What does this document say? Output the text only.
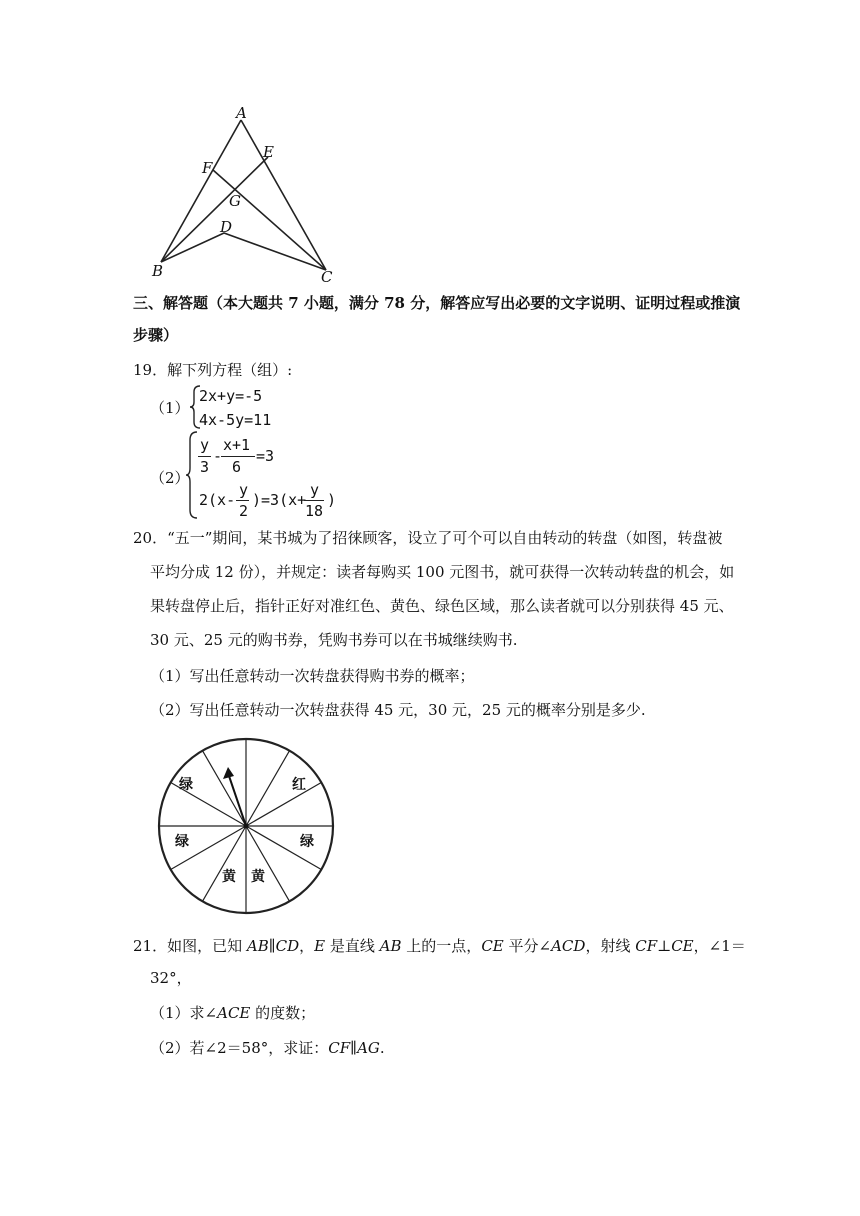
A
E
F
G
D
B	C
三、解答题（本大题共 7 小题，满分 78 分，解答应写出必要的文字说明、证明过程或推演
步骤）
19．解下列方程（组）:
（1）
2x+y=-5
4x-5y=11
（2）
y
3
-
x+1
6
=3
2(x-
y
2
)=3(x+
y
18
)
20．“五一”期间，某书城为了招徕顾客，设立了可个可以自由转动的转盘（如图，转盘被
平均分成 12 份），并规定：读者每购买 100 元图书，就可获得一次转动转盘的机会，如
果转盘停止后，指针正好对准红色、黄色、绿色区域，那么读者就可以分别获得 45 元、
30 元、25 元的购书券，凭购书券可以在书城继续购书.
（1）写出任意转动一次转盘获得购书券的概率；
（2）写出任意转动一次转盘获得 45 元，30 元，25 元的概率分别是多少.
绿	红
绿	绿
黄 黄
21．如图，已知 AB∥CD，E 是直线 AB 上的一点，CE 平分∠ACD，射线 CF⊥CE，∠1＝
32°，
（1）求∠ACE 的度数；
（2）若∠2＝58°，求证：CF∥AG.
